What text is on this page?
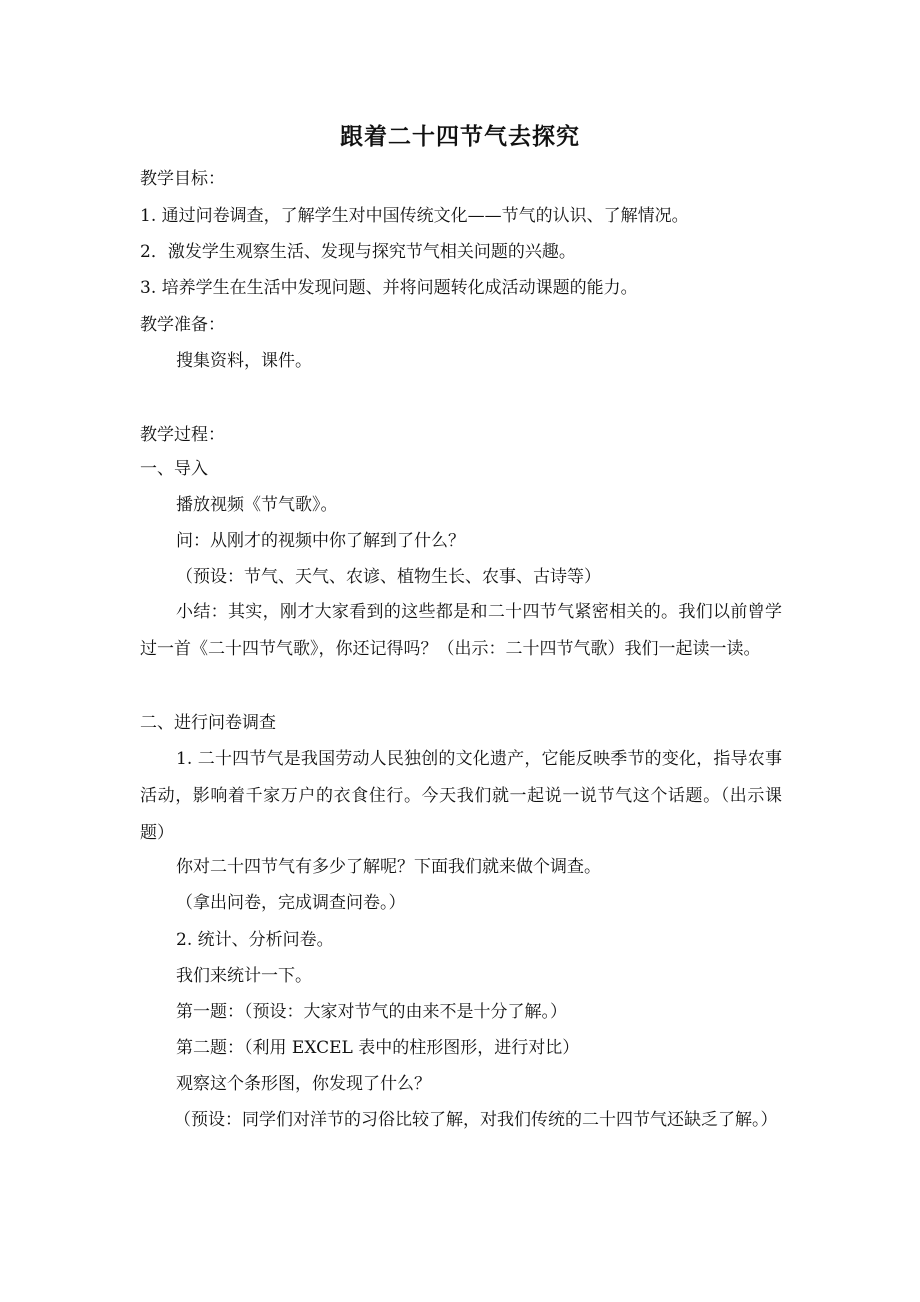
跟着二十四节气去探究
教学目标：
1. 通过问卷调查，了解学生对中国传统文化——节气的认识、了解情况。
2．激发学生观察生活、发现与探究节气相关问题的兴趣。
3. 培养学生在生活中发现问题、并将问题转化成活动课题的能力。
教学准备：
搜集资料，课件。
教学过程：
一、导入
播放视频《节气歌》。
问：从刚才的视频中你了解到了什么？
（预设：节气、天气、农谚、植物生长、农事、古诗等）
小结：其实，刚才大家看到的这些都是和二十四节气紧密相关的。我们以前曾学过一首《二十四节气歌》，你还记得吗？（出示：二十四节气歌）我们一起读一读。
二、进行问卷调查
1. 二十四节气是我国劳动人民独创的文化遗产，它能反映季节的变化，指导农事活动，影响着千家万户的衣食住行。今天我们就一起说一说节气这个话题。（出示课题）
你对二十四节气有多少了解呢？下面我们就来做个调查。
（拿出问卷，完成调查问卷。）
2. 统计、分析问卷。
我们来统计一下。
第一题：（预设：大家对节气的由来不是十分了解。）
第二题：（利用 EXCEL 表中的柱形图形，进行对比）
观察这个条形图，你发现了什么？
（预设：同学们对洋节的习俗比较了解，对我们传统的二十四节气还缺乏了解。）
